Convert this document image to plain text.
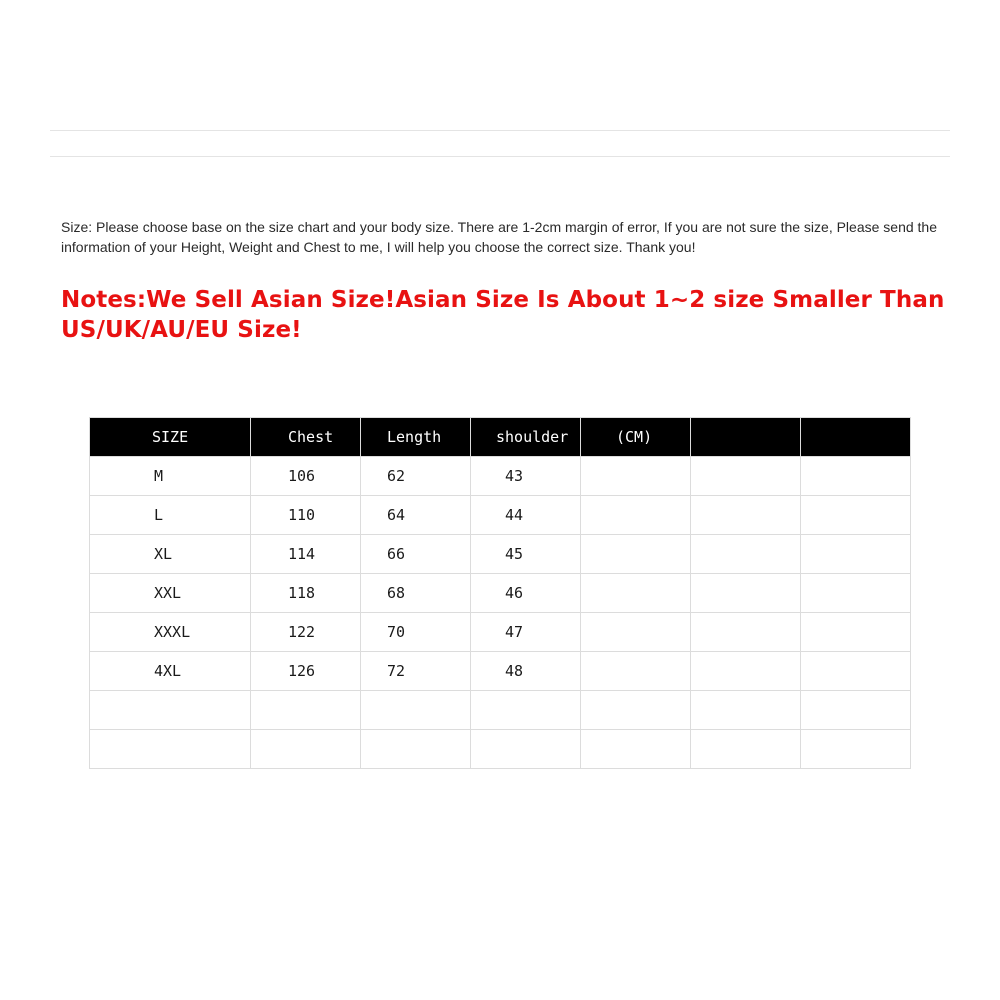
Size: Please choose base on the size chart and your body size. There are 1-2cm margin of error, If you are not sure the size, Please send the information of your Height, Weight and Chest to me, I will help you choose the correct size. Thank you!

Notes:We Sell Asian Size!Asian Size Is About 1~2 size Smaller Than US/UK/AU/EU Size!

SIZE	Chest	Length	shoulder	(CM)		
M	106	62	43			
L	110	64	44			
XL	114	66	45			
XXL	118	68	46			
XXXL	122	70	47			
4XL	126	72	48			
